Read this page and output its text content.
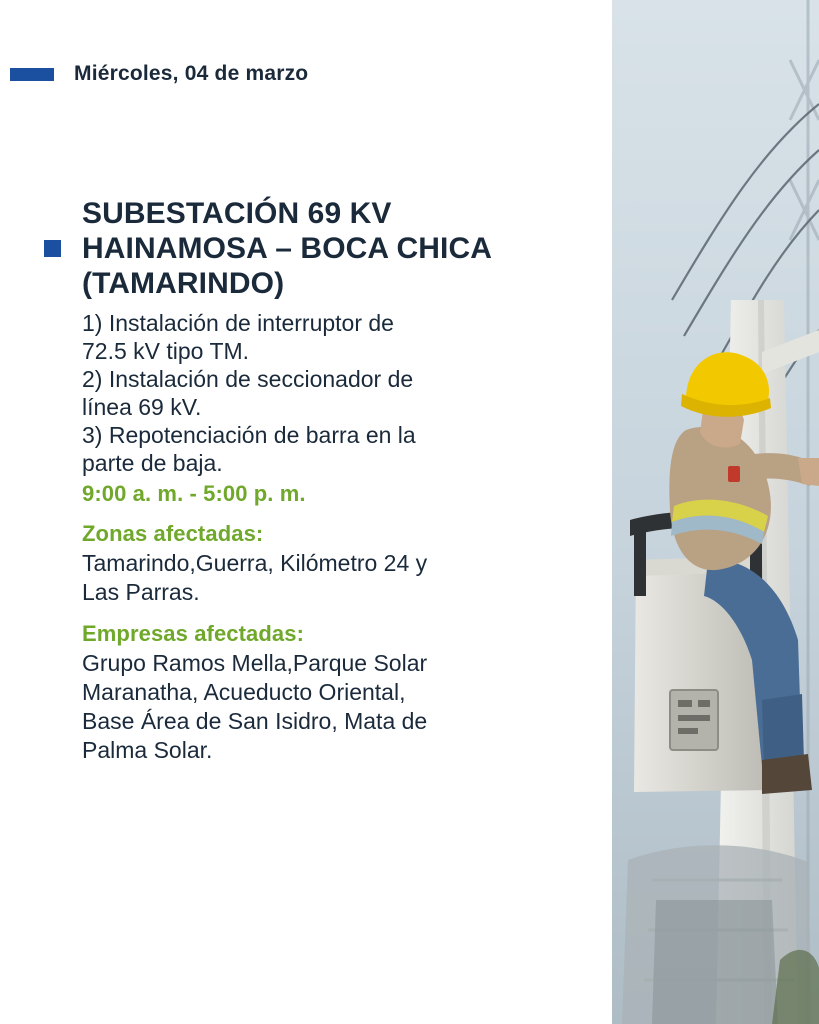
Miércoles, 04 de marzo
SUBESTACIÓN 69 KV
HAINAMOSA – BOCA CHICA
(TAMARINDO)
1) Instalación de interruptor de
72.5 kV tipo TM.
2) Instalación de seccionador de
línea 69 kV.
3) Repotenciación de barra en la
parte de baja.
9:00 a. m. - 5:00 p. m.
Zonas afectadas:
Tamarindo,Guerra, Kilómetro 24 y
Las Parras.
Empresas afectadas:
Grupo Ramos Mella,Parque Solar
Maranatha, Acueducto Oriental,
Base Área de San Isidro, Mata de
Palma Solar.
